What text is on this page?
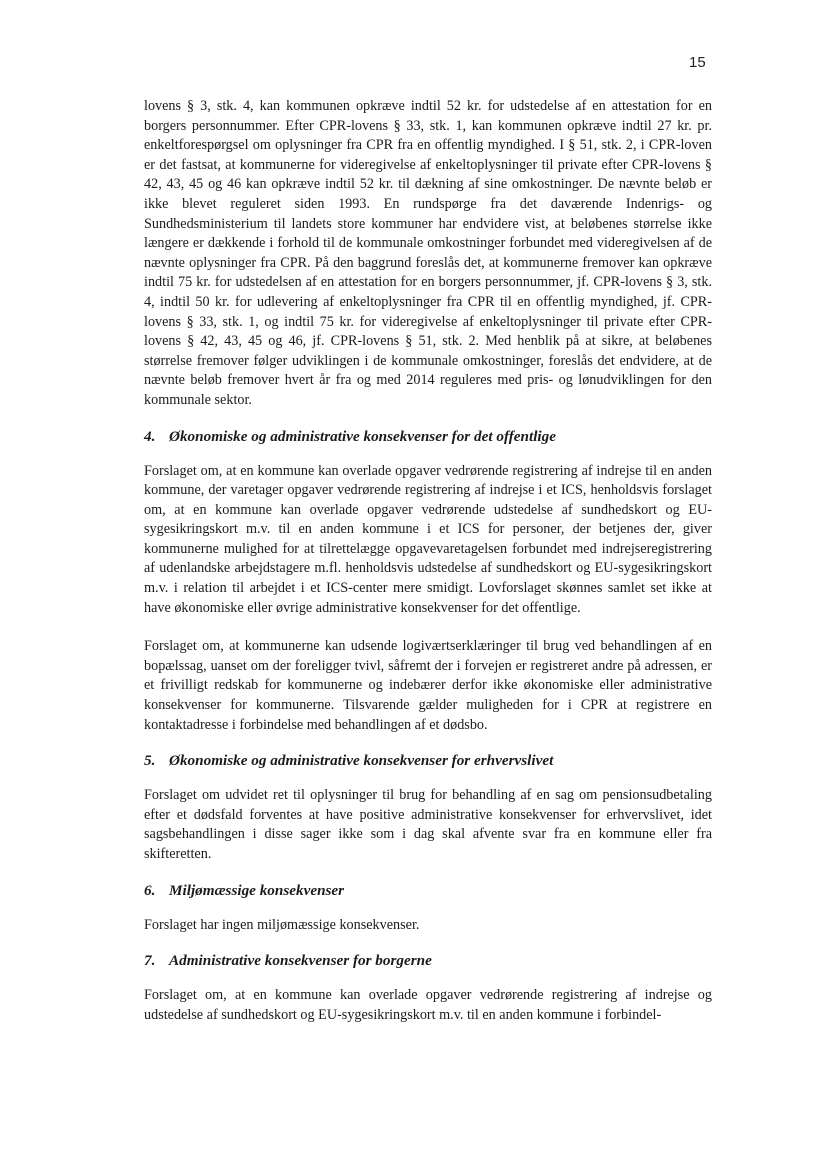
15

lovens § 3, stk. 4, kan kommunen opkræve indtil 52 kr. for udstedelse af en attestation for en borgers personnummer. Efter CPR-lovens § 33, stk. 1, kan kommunen opkræve indtil 27 kr. pr. enkeltforespørgsel om oplysninger fra CPR fra en offentlig myndighed. I § 51, stk. 2, i CPR-loven er det fastsat, at kommunerne for videregivelse af enkeltoplysninger til private efter CPR-lovens § 42, 43, 45 og 46 kan opkræve indtil 52 kr. til dækning af sine omkostninger. De nævnte beløb er ikke blevet reguleret siden 1993. En rundspørge fra det daværende Indenrigs- og Sundhedsministerium til landets store kommuner har endvidere vist, at beløbenes størrelse ikke længere er dækkende i forhold til de kommunale omkostninger forbundet med videregivelsen af de nævnte oplysninger fra CPR. På den baggrund foreslås det, at kommunerne fremover kan opkræve indtil 75 kr. for udstedelsen af en attestation for en borgers personnummer, jf. CPR-lovens § 3, stk. 4, indtil 50 kr. for udlevering af enkeltoplysninger fra CPR til en offentlig myndighed, jf. CPR-lovens § 33, stk. 1, og indtil 75 kr. for videregivelse af enkeltoplysninger til private efter CPR-lovens § 42, 43, 45 og 46, jf. CPR-lovens § 51, stk. 2. Med henblik på at sikre, at beløbenes størrelse fremover følger udviklingen i de kommunale omkostninger, foreslås det endvidere, at de nævnte beløb fremover hvert år fra og med 2014 reguleres med pris- og lønudviklingen for den kommunale sektor.

4. Økonomiske og administrative konsekvenser for det offentlige

Forslaget om, at en kommune kan overlade opgaver vedrørende registrering af indrejse til en anden kommune, der varetager opgaver vedrørende registrering af indrejse i et ICS, henholdsvis forslaget om, at en kommune kan overlade opgaver vedrørende udstedelse af sundhedskort og EU-sygesikringskort m.v. til en anden kommune i et ICS for personer, der betjenes der, giver kommunerne mulighed for at tilrettelægge opgavevaretagelsen forbundet med indrejseregistrering af udenlandske arbejdstagere m.fl. henholdsvis udstedelse af sundhedskort og EU-sygesikringskort m.v. i relation til arbejdet i et ICS-center mere smidigt. Lovforslaget skønnes samlet set ikke at have økonomiske eller øvrige administrative konsekvenser for det offentlige.

Forslaget om, at kommunerne kan udsende logiværtserklæringer til brug ved behandlingen af en bopælssag, uanset om der foreligger tvivl, såfremt der i forvejen er registreret andre på adressen, er et frivilligt redskab for kommunerne og indebærer derfor ikke økonomiske eller administrative konsekvenser for kommunerne. Tilsvarende gælder muligheden for i CPR at registrere en kontaktadresse i forbindelse med behandlingen af et dødsbo.

5. Økonomiske og administrative konsekvenser for erhvervslivet

Forslaget om udvidet ret til oplysninger til brug for behandling af en sag om pensionsudbetaling efter et dødsfald forventes at have positive administrative konsekvenser for erhvervslivet, idet sagsbehandlingen i disse sager ikke som i dag skal afvente svar fra en kommune eller fra skifteretten.

6. Miljømæssige konsekvenser

Forslaget har ingen miljømæssige konsekvenser.

7. Administrative konsekvenser for borgerne

Forslaget om, at en kommune kan overlade opgaver vedrørende registrering af indrejse og udstedelse af sundhedskort og EU-sygesikringskort m.v. til en anden kommune i forbindel-
